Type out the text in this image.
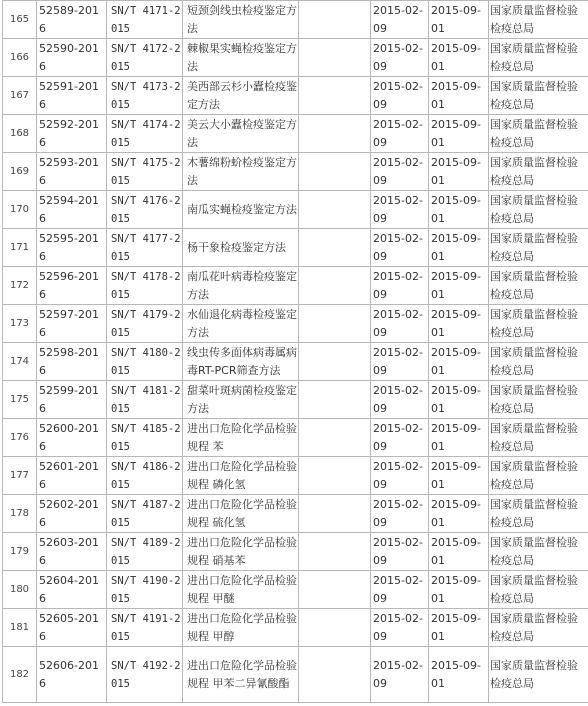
165	52589-2016	SN/T 4171-2015	短颈剑线虫检疫鉴定方法		2015-02-09	2015-09-01	国家质量监督检验检疫总局
166	52590-2016	SN/T 4172-2015	棘椒果实蝇检疫鉴定方法		2015-02-09	2015-09-01	国家质量监督检验检疫总局
167	52591-2016	SN/T 4173-2015	美西部云杉小蠹检疫鉴定方法		2015-02-09	2015-09-01	国家质量监督检验检疫总局
168	52592-2016	SN/T 4174-2015	美云大小蠹检疫鉴定方法		2015-02-09	2015-09-01	国家质量监督检验检疫总局
169	52593-2016	SN/T 4175-2015	木薯绵粉蚧检疫鉴定方法		2015-02-09	2015-09-01	国家质量监督检验检疫总局
170	52594-2016	SN/T 4176-2015	南瓜实蝇检疫鉴定方法		2015-02-09	2015-09-01	国家质量监督检验检疫总局
171	52595-2016	SN/T 4177-2015	杨干象检疫鉴定方法		2015-02-09	2015-09-01	国家质量监督检验检疫总局
172	52596-2016	SN/T 4178-2015	南瓜花叶病毒检疫鉴定方法		2015-02-09	2015-09-01	国家质量监督检验检疫总局
173	52597-2016	SN/T 4179-2015	水仙退化病毒检疫鉴定方法		2015-02-09	2015-09-01	国家质量监督检验检疫总局
174	52598-2016	SN/T 4180-2015	线虫传多面体病毒属病毒RT-PCR筛查方法		2015-02-09	2015-09-01	国家质量监督检验检疫总局
175	52599-2016	SN/T 4181-2015	甜菜叶斑病菌检疫鉴定方法		2015-02-09	2015-09-01	国家质量监督检验检疫总局
176	52600-2016	SN/T 4185-2015	进出口危险化学品检验规程 苯		2015-02-09	2015-09-01	国家质量监督检验检疫总局
177	52601-2016	SN/T 4186-2015	进出口危险化学品检验规程 磷化氢		2015-02-09	2015-09-01	国家质量监督检验检疫总局
178	52602-2016	SN/T 4187-2015	进出口危险化学品检验规程 硫化氢		2015-02-09	2015-09-01	国家质量监督检验检疫总局
179	52603-2016	SN/T 4189-2015	进出口危险化学品检验规程 硝基苯		2015-02-09	2015-09-01	国家质量监督检验检疫总局
180	52604-2016	SN/T 4190-2015	进出口危险化学品检验规程 甲醚		2015-02-09	2015-09-01	国家质量监督检验检疫总局
181	52605-2016	SN/T 4191-2015	进出口危险化学品检验规程 甲醇		2015-02-09	2015-09-01	国家质量监督检验检疫总局
182	52606-2016	SN/T 4192-2015	进出口危险化学品检验规程 甲苯二异氰酸酯		2015-02-09	2015-09-01	国家质量监督检验检疫总局
